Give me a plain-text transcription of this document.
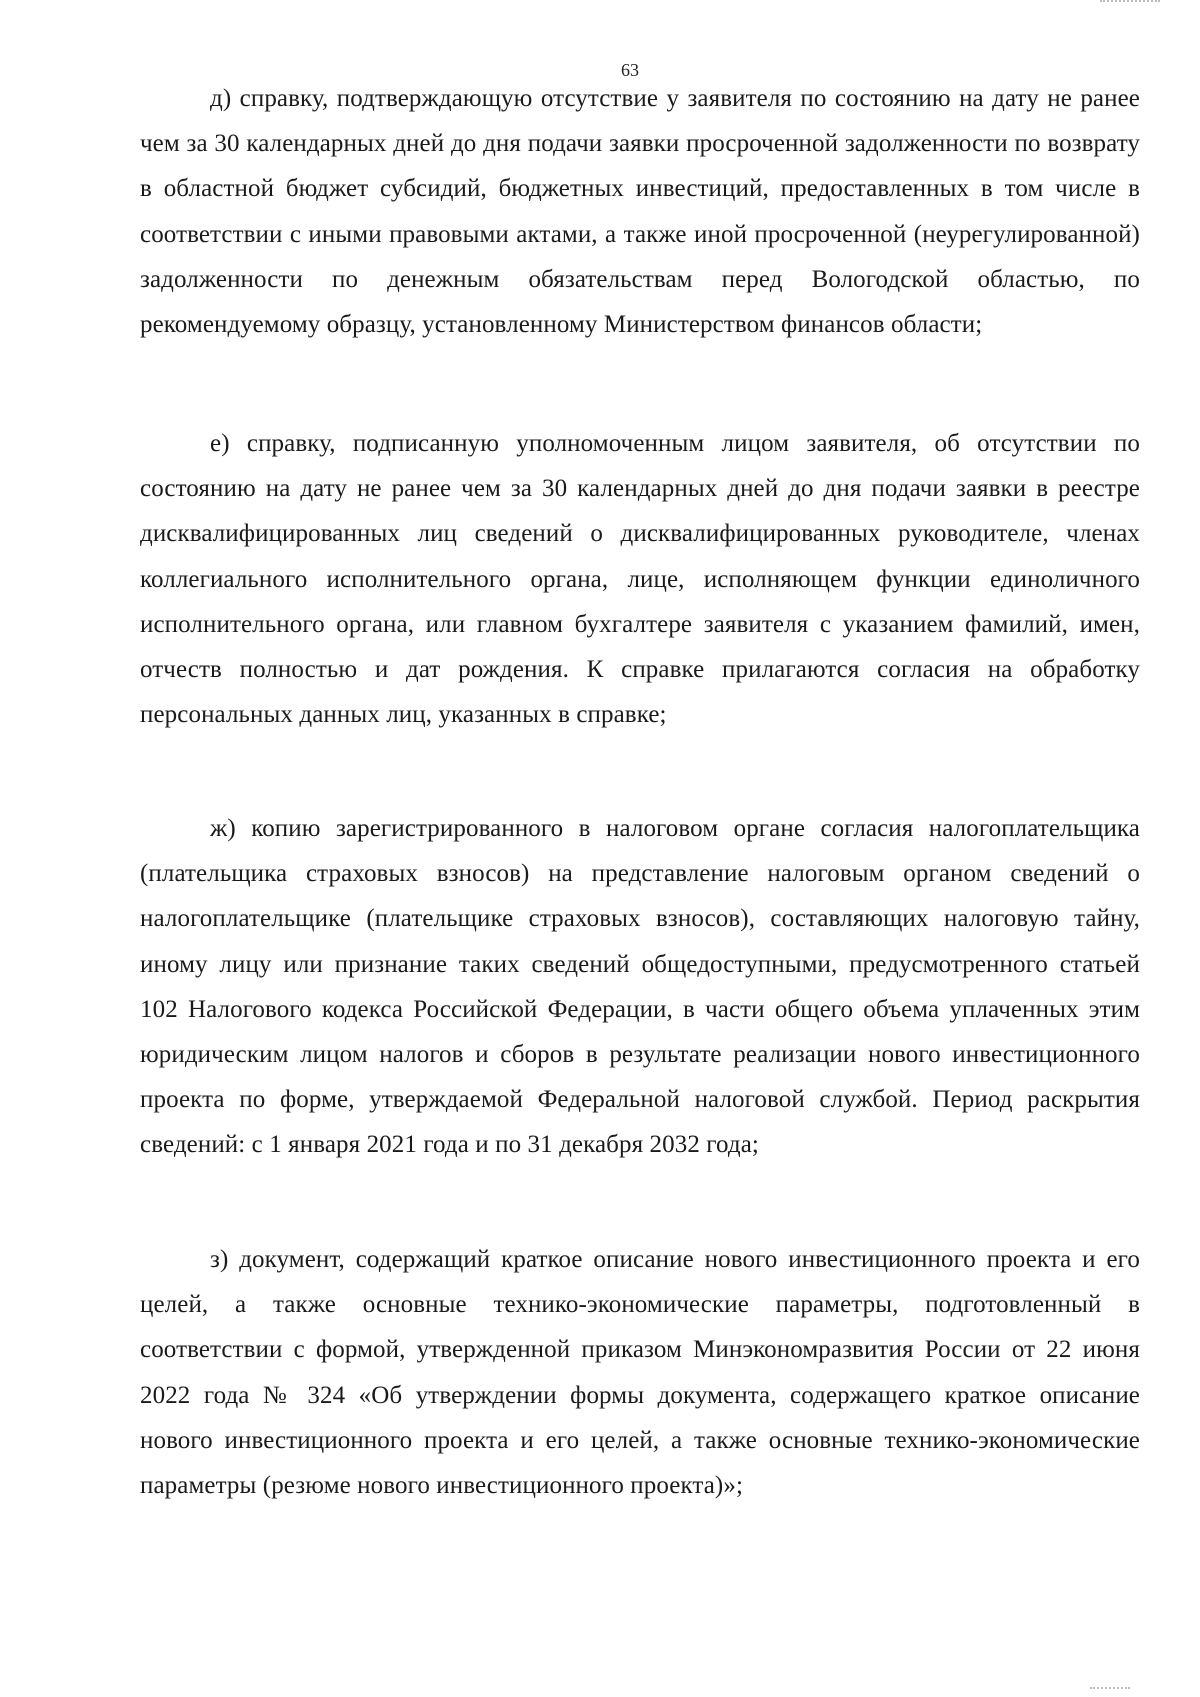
63

д) справку, подтверждающую отсутствие у заявителя по состоянию на дату не ранее чем за 30 календарных дней до дня подачи заявки просроченной задолженности по возврату в областной бюджет субсидий, бюджетных инвестиций, предоставленных в том числе в соответствии с иными правовыми актами, а также иной просроченной (неурегулированной) задолженности по денежным обязательствам перед Вологодской областью, по рекомендуемому образцу, установленному Министерством финансов области;

е) справку, подписанную уполномоченным лицом заявителя, об отсутствии по состоянию на дату не ранее чем за 30 календарных дней до дня подачи заявки в реестре дисквалифицированных лиц сведений о дисквалифицированных руководителе, членах коллегиального исполнительного органа, лице, исполняющем функции единоличного исполнительного органа, или главном бухгалтере заявителя с указанием фамилий, имен, отчеств полностью и дат рождения. К справке прилагаются согласия на обработку персональных данных лиц, указанных в справке;

ж) копию зарегистрированного в налоговом органе согласия налогоплательщика (плательщика страховых взносов) на представление налоговым органом сведений о налогоплательщике (плательщике страховых взносов), составляющих налоговую тайну, иному лицу или признание таких сведений общедоступными, предусмотренного статьей 102 Налогового кодекса Российской Федерации, в части общего объема уплаченных этим юридическим лицом налогов и сборов в результате реализации нового инвестиционного проекта по форме, утверждаемой Федеральной налоговой службой. Период раскрытия сведений: с 1 января 2021 года и по 31 декабря 2032 года;

з) документ, содержащий краткое описание нового инвестиционного проекта и его целей, а также основные технико-экономические параметры, подготовленный в соответствии с формой, утвержденной приказом Минэкономразвития России от 22 июня 2022 года № 324 «Об утверждении формы документа, содержащего краткое описание нового инвестиционного проекта и его целей, а также основные технико-экономические параметры (резюме нового инвестиционного проекта)»;
